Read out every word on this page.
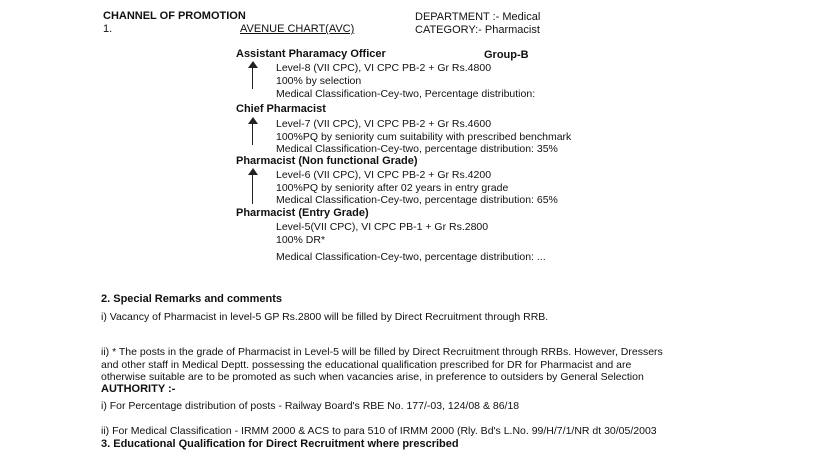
CHANNEL OF PROMOTION
1.	AVENUE CHART(AVC)
DEPARTMENT :- Medical
CATEGORY:- Pharmacist
Assistant Pharamacy Officer	Group-B
Level-8 (VII CPC), VI CPC PB-2 + Gr Rs.4800
100% by selection
Medical Classification-Cey-two, Percentage distribution:
Chief Pharmacist
Level-7 (VII CPC), VI CPC PB-2 + Gr Rs.4600
100%PQ by seniority cum suitability with prescribed benchmark
Medical Classification-Cey-two, percentage distribution: 35%
Pharmacist (Non functional Grade)
Level-6 (VII CPC), VI CPC PB-2 + Gr Rs.4200
100%PQ by seniority after 02 years in entry grade
Medical Classification-Cey-two, percentage distribution: 65%
Pharmacist (Entry Grade)
Level-5(VII CPC), VI CPC PB-1 + Gr Rs.2800
100% DR*
Medical Classification-Cey-two, percentage distribution: ...
2. Special Remarks and comments
i) Vacancy of Pharmacist in level-5 GP Rs.2800 will be filled by Direct Recruitment through RRB.
ii) * The posts in the grade of Pharmacist in Level-5 will be filled by Direct Recruitment through RRBs. However, Dressers
and other staff in Medical Deptt. possessing the educational qualification prescribed for DR for Pharmacist and are
otherwise suitable are to be promoted as such when vacancies arise, in preference to outsiders by General Selection
AUTHORITY :-
i) For Percentage distribution of posts - Railway Board's RBE No. 177/-03, 124/08 & 86/18
ii) For Medical Classification - IRMM 2000 & ACS to para 510 of IRMM 2000 (Rly. Bd's L.No. 99/H/7/1/NR dt 30/05/2003
3. Educational Qualification for Direct Recruitment where prescribed
